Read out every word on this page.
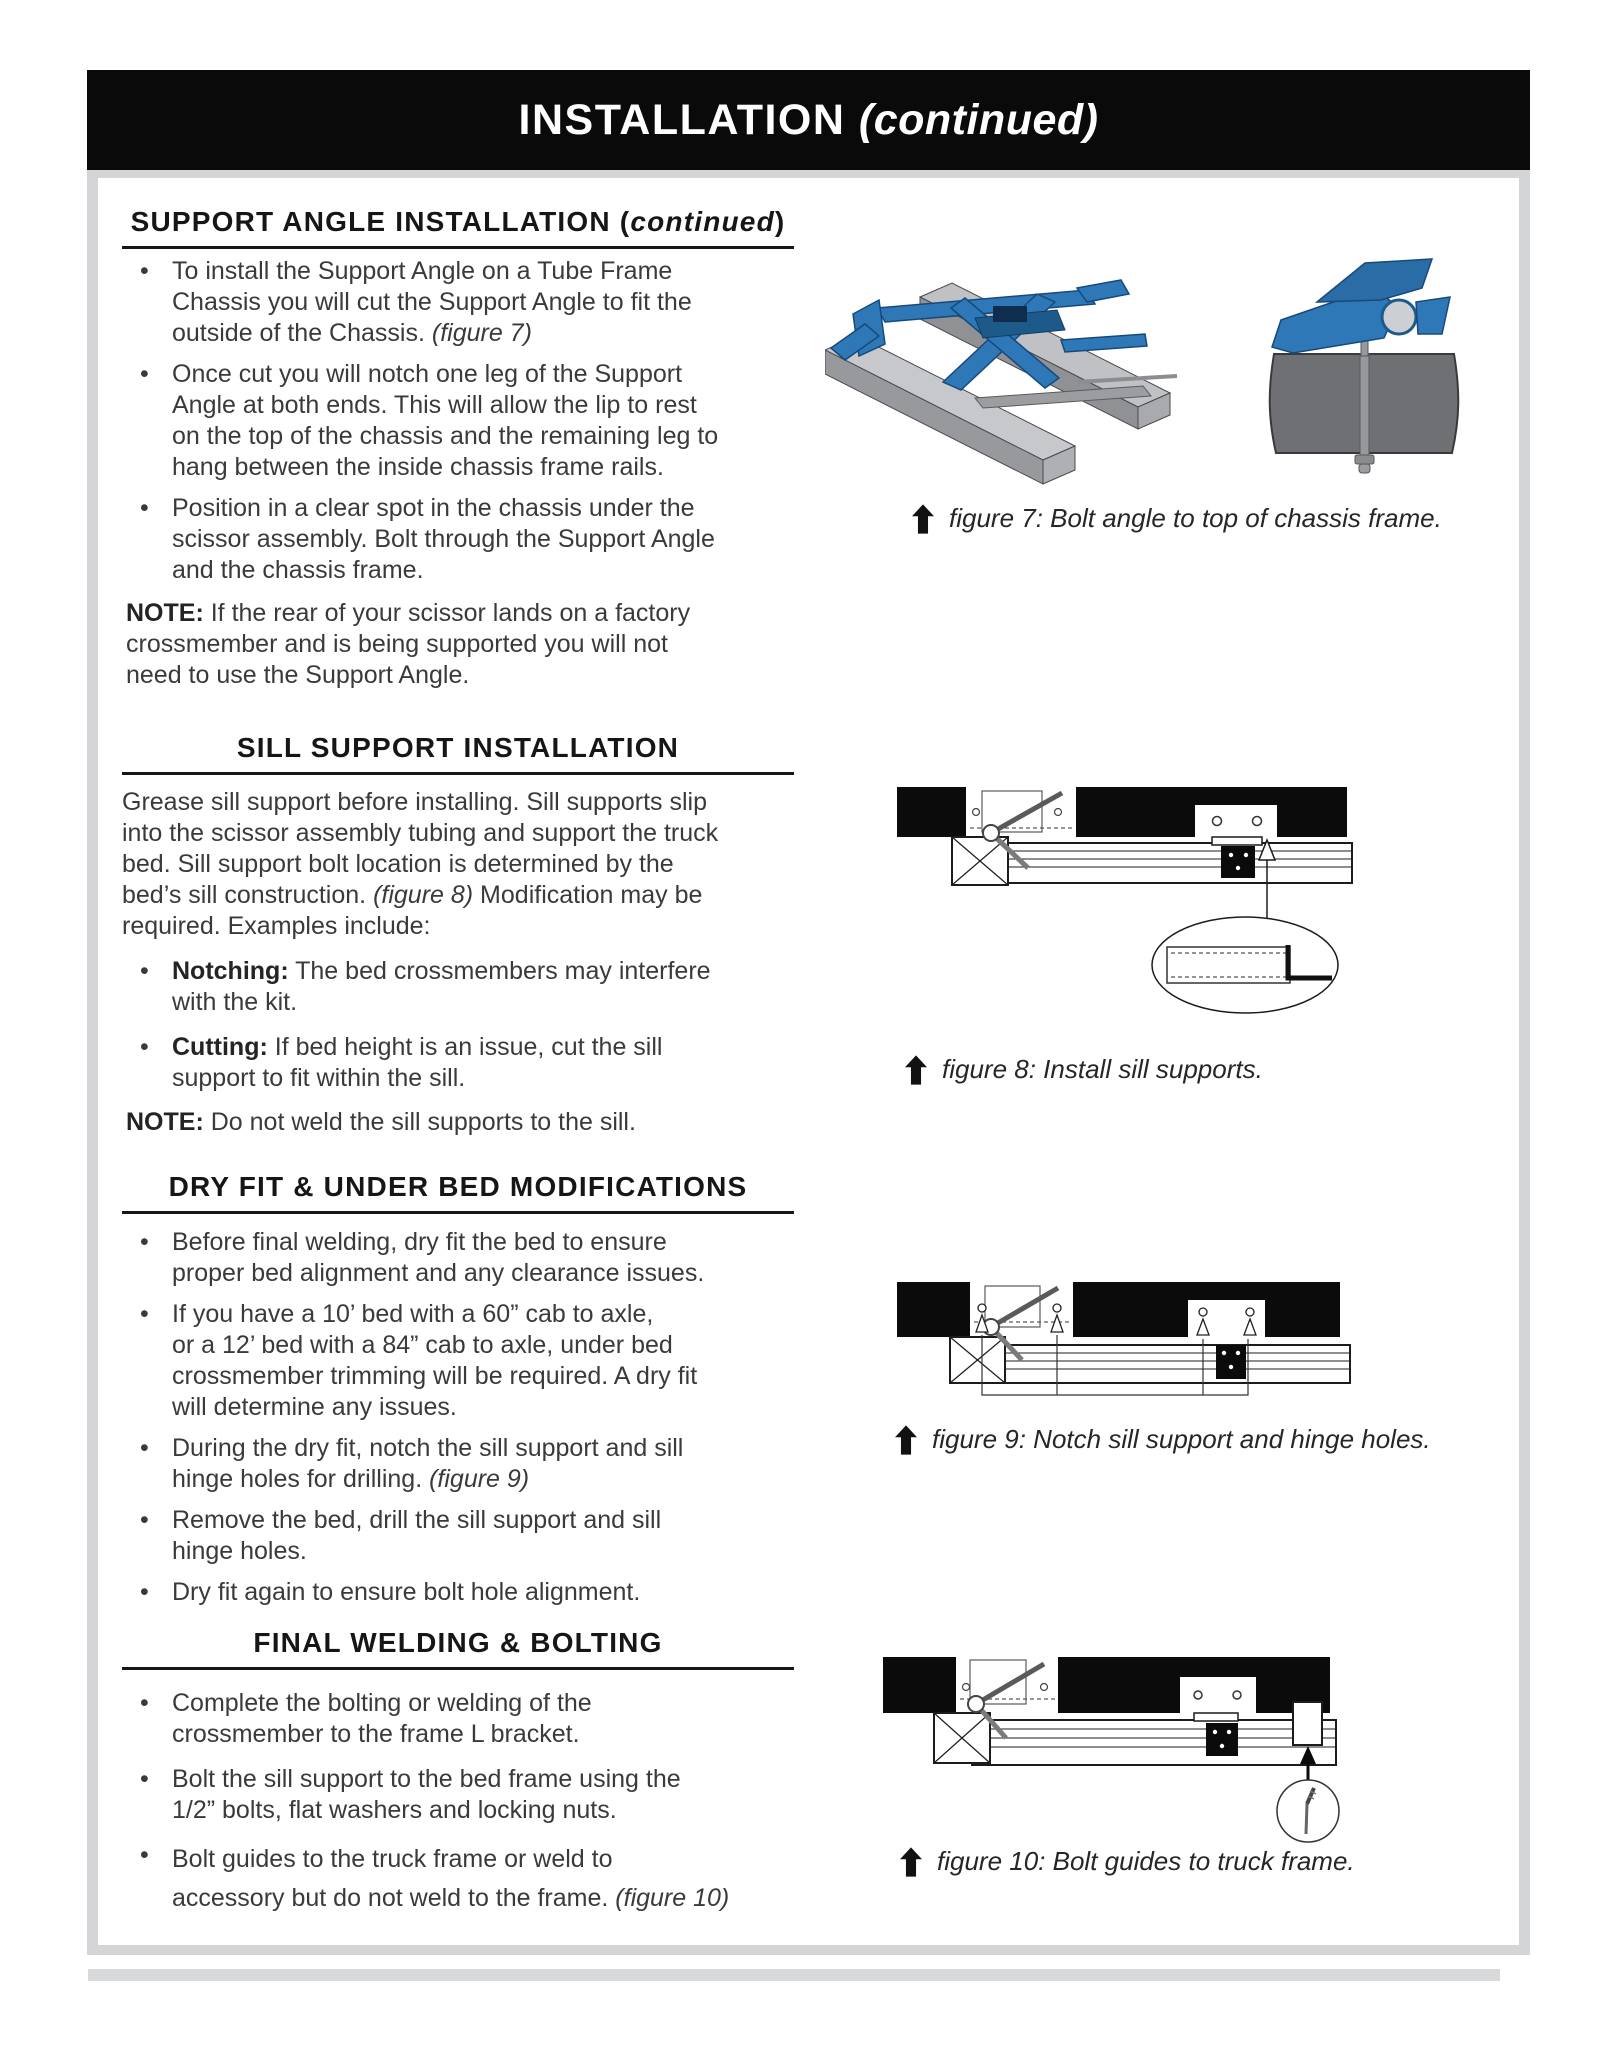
INSTALLATION (continued)
SUPPORT ANGLE INSTALLATION (continued)
• To install the Support Angle on a Tube Frame
Chassis you will cut the Support Angle to fit the
outside of the Chassis. (figure 7)
• Once cut you will notch one leg of the Support
Angle at both ends. This will allow the lip to rest
on the top of the chassis and the remaining leg to
hang between the inside chassis frame rails.
• Position in a clear spot in the chassis under the
scissor assembly. Bolt through the Support Angle
and the chassis frame.
NOTE: If the rear of your scissor lands on a factory
crossmember and is being supported you will not
need to use the Support Angle.
SILL SUPPORT INSTALLATION
Grease sill support before installing. Sill supports slip
into the scissor assembly tubing and support the truck
bed. Sill support bolt location is determined by the
bed’s sill construction. (figure 8) Modification may be
required. Examples include:
• Notching: The bed crossmembers may interfere
with the kit.
• Cutting: If bed height is an issue, cut the sill
support to fit within the sill.
NOTE: Do not weld the sill supports to the sill.
DRY FIT & UNDER BED MODIFICATIONS
• Before final welding, dry fit the bed to ensure
proper bed alignment and any clearance issues.
• If you have a 10’ bed with a 60” cab to axle,
or a 12’ bed with a 84” cab to axle, under bed
crossmember trimming will be required. A dry fit
will determine any issues.
• During the dry fit, notch the sill support and sill
hinge holes for drilling. (figure 9)
• Remove the bed, drill the sill support and sill
hinge holes.
• Dry fit again to ensure bolt hole alignment.
FINAL WELDING & BOLTING
• Complete the bolting or welding of the
crossmember to the frame L bracket.
• Bolt the sill support to the bed frame using the
1/2” bolts, flat washers and locking nuts.
• Bolt guides to the truck frame or weld to
accessory but do not weld to the frame. (figure 10)
figure 7: Bolt angle to top of chassis frame.
figure 8: Install sill supports.
figure 9: Notch sill support and hinge holes.
figure 10: Bolt guides to truck frame.
